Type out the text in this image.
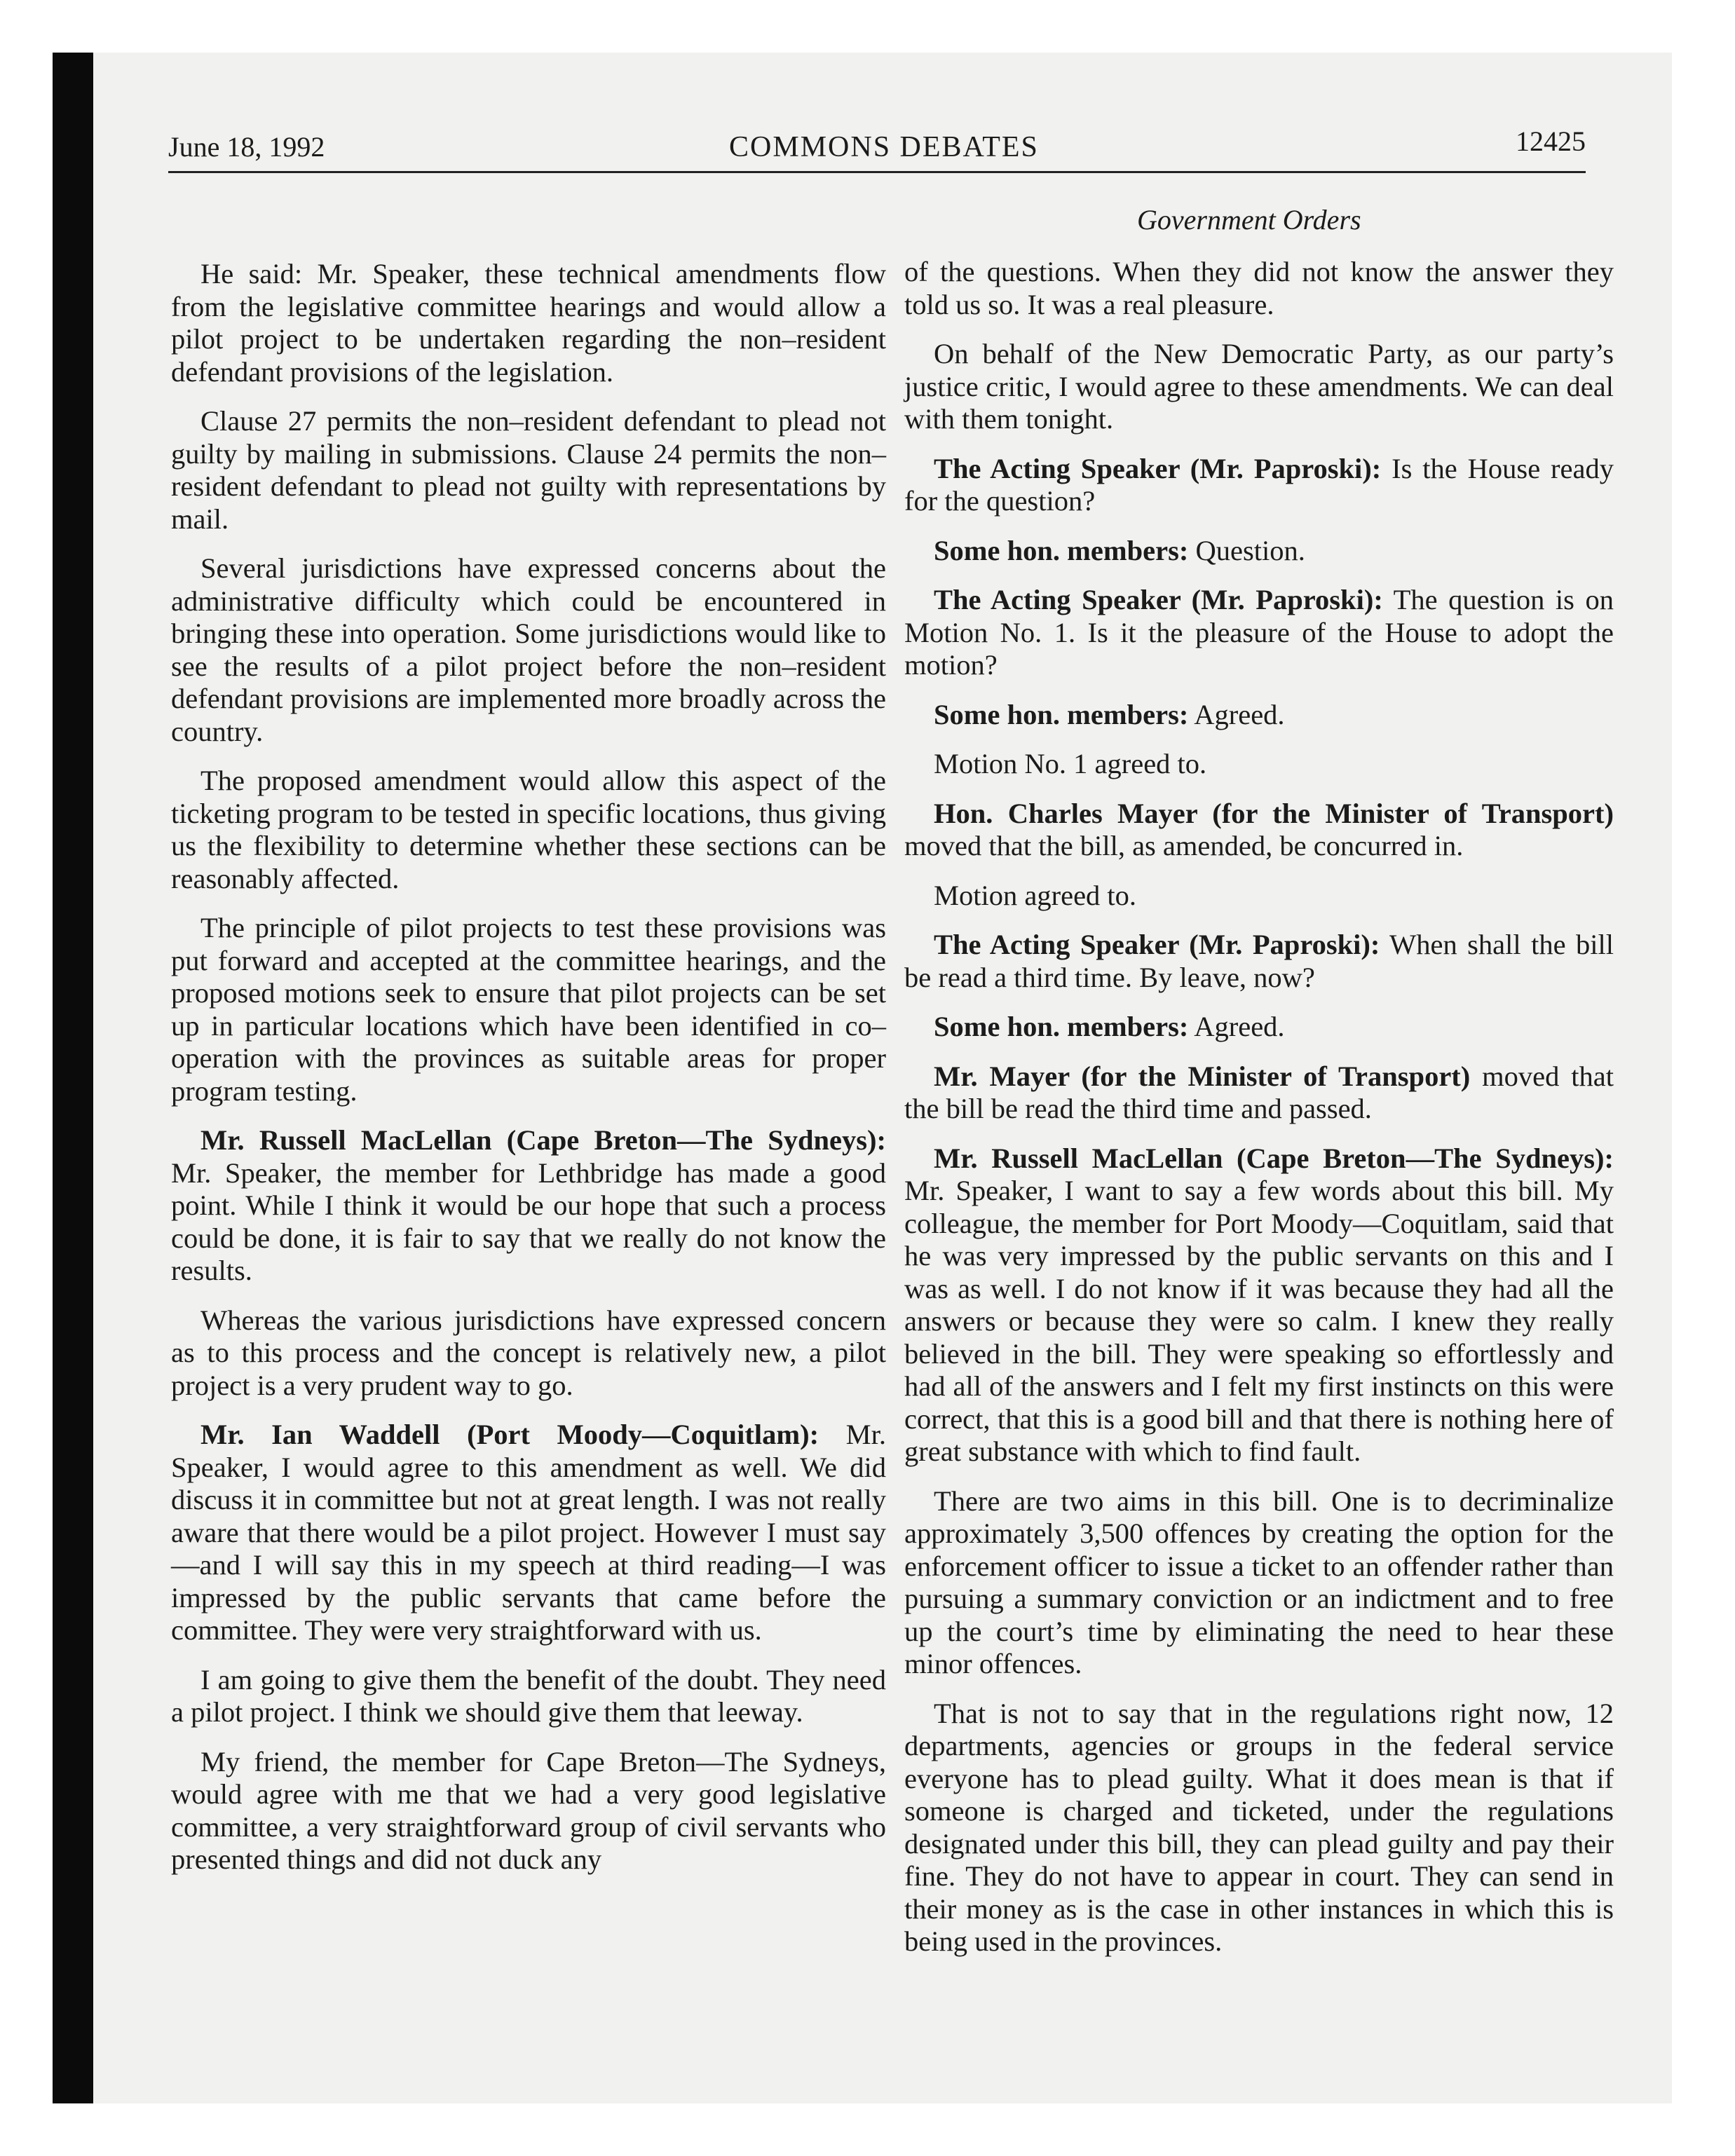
June 18, 1992	COMMONS DEBATES	12425
Government Orders

He said: Mr. Speaker, these technical amendments flow from the legislative committee hearings and would allow a pilot project to be undertaken regarding the non–resident defendant provisions of the legislation.

Clause 27 permits the non–resident defendant to plead not guilty by mailing in submissions. Clause 24 permits the non–resident defendant to plead not guilty with representations by mail.

Several jurisdictions have expressed concerns about the administrative difficulty which could be encountered in bringing these into operation. Some jurisdictions would like to see the results of a pilot project before the non–resident defendant provisions are implemented more broadly across the country.

The proposed amendment would allow this aspect of the ticketing program to be tested in specific locations, thus giving us the flexibility to determine whether these sections can be reasonably affected.

The principle of pilot projects to test these provisions was put forward and accepted at the committee hearings, and the proposed motions seek to ensure that pilot projects can be set up in particular locations which have been identified in co–operation with the provinces as suitable areas for proper program testing.

Mr. Russell MacLellan (Cape Breton—The Sydneys): Mr. Speaker, the member for Lethbridge has made a good point. While I think it would be our hope that such a process could be done, it is fair to say that we really do not know the results.

Whereas the various jurisdictions have expressed concern as to this process and the concept is relatively new, a pilot project is a very prudent way to go.

Mr. Ian Waddell (Port Moody—Coquitlam): Mr. Speaker, I would agree to this amendment as well. We did discuss it in committee but not at great length. I was not really aware that there would be a pilot project. However I must say—and I will say this in my speech at third reading—I was impressed by the public servants that came before the committee. They were very straightforward with us.

I am going to give them the benefit of the doubt. They need a pilot project. I think we should give them that leeway.

My friend, the member for Cape Breton—The Sydneys, would agree with me that we had a very good legislative committee, a very straightforward group of civil servants who presented things and did not duck any

of the questions. When they did not know the answer they told us so. It was a real pleasure.

On behalf of the New Democratic Party, as our party’s justice critic, I would agree to these amendments. We can deal with them tonight.

The Acting Speaker (Mr. Paproski): Is the House ready for the question?

Some hon. members: Question.

The Acting Speaker (Mr. Paproski): The question is on Motion No. 1. Is it the pleasure of the House to adopt the motion?

Some hon. members: Agreed.

Motion No. 1 agreed to.

Hon. Charles Mayer (for the Minister of Transport) moved that the bill, as amended, be concurred in.

Motion agreed to.

The Acting Speaker (Mr. Paproski): When shall the bill be read a third time. By leave, now?

Some hon. members: Agreed.

Mr. Mayer (for the Minister of Transport) moved that the bill be read the third time and passed.

Mr. Russell MacLellan (Cape Breton—The Sydneys): Mr. Speaker, I want to say a few words about this bill. My colleague, the member for Port Moody—Coquitlam, said that he was very impressed by the public servants on this and I was as well. I do not know if it was because they had all the answers or because they were so calm. I knew they really believed in the bill. They were speaking so effortlessly and had all of the answers and I felt my first instincts on this were correct, that this is a good bill and that there is nothing here of great substance with which to find fault.

There are two aims in this bill. One is to decriminalize approximately 3,500 offences by creating the option for the enforcement officer to issue a ticket to an offender rather than pursuing a summary conviction or an indictment and to free up the court’s time by eliminating the need to hear these minor offences.

That is not to say that in the regulations right now, 12 departments, agencies or groups in the federal service everyone has to plead guilty. What it does mean is that if someone is charged and ticketed, under the regulations designated under this bill, they can plead guilty and pay their fine. They do not have to appear in court. They can send in their money as is the case in other instances in which this is being used in the provinces.
